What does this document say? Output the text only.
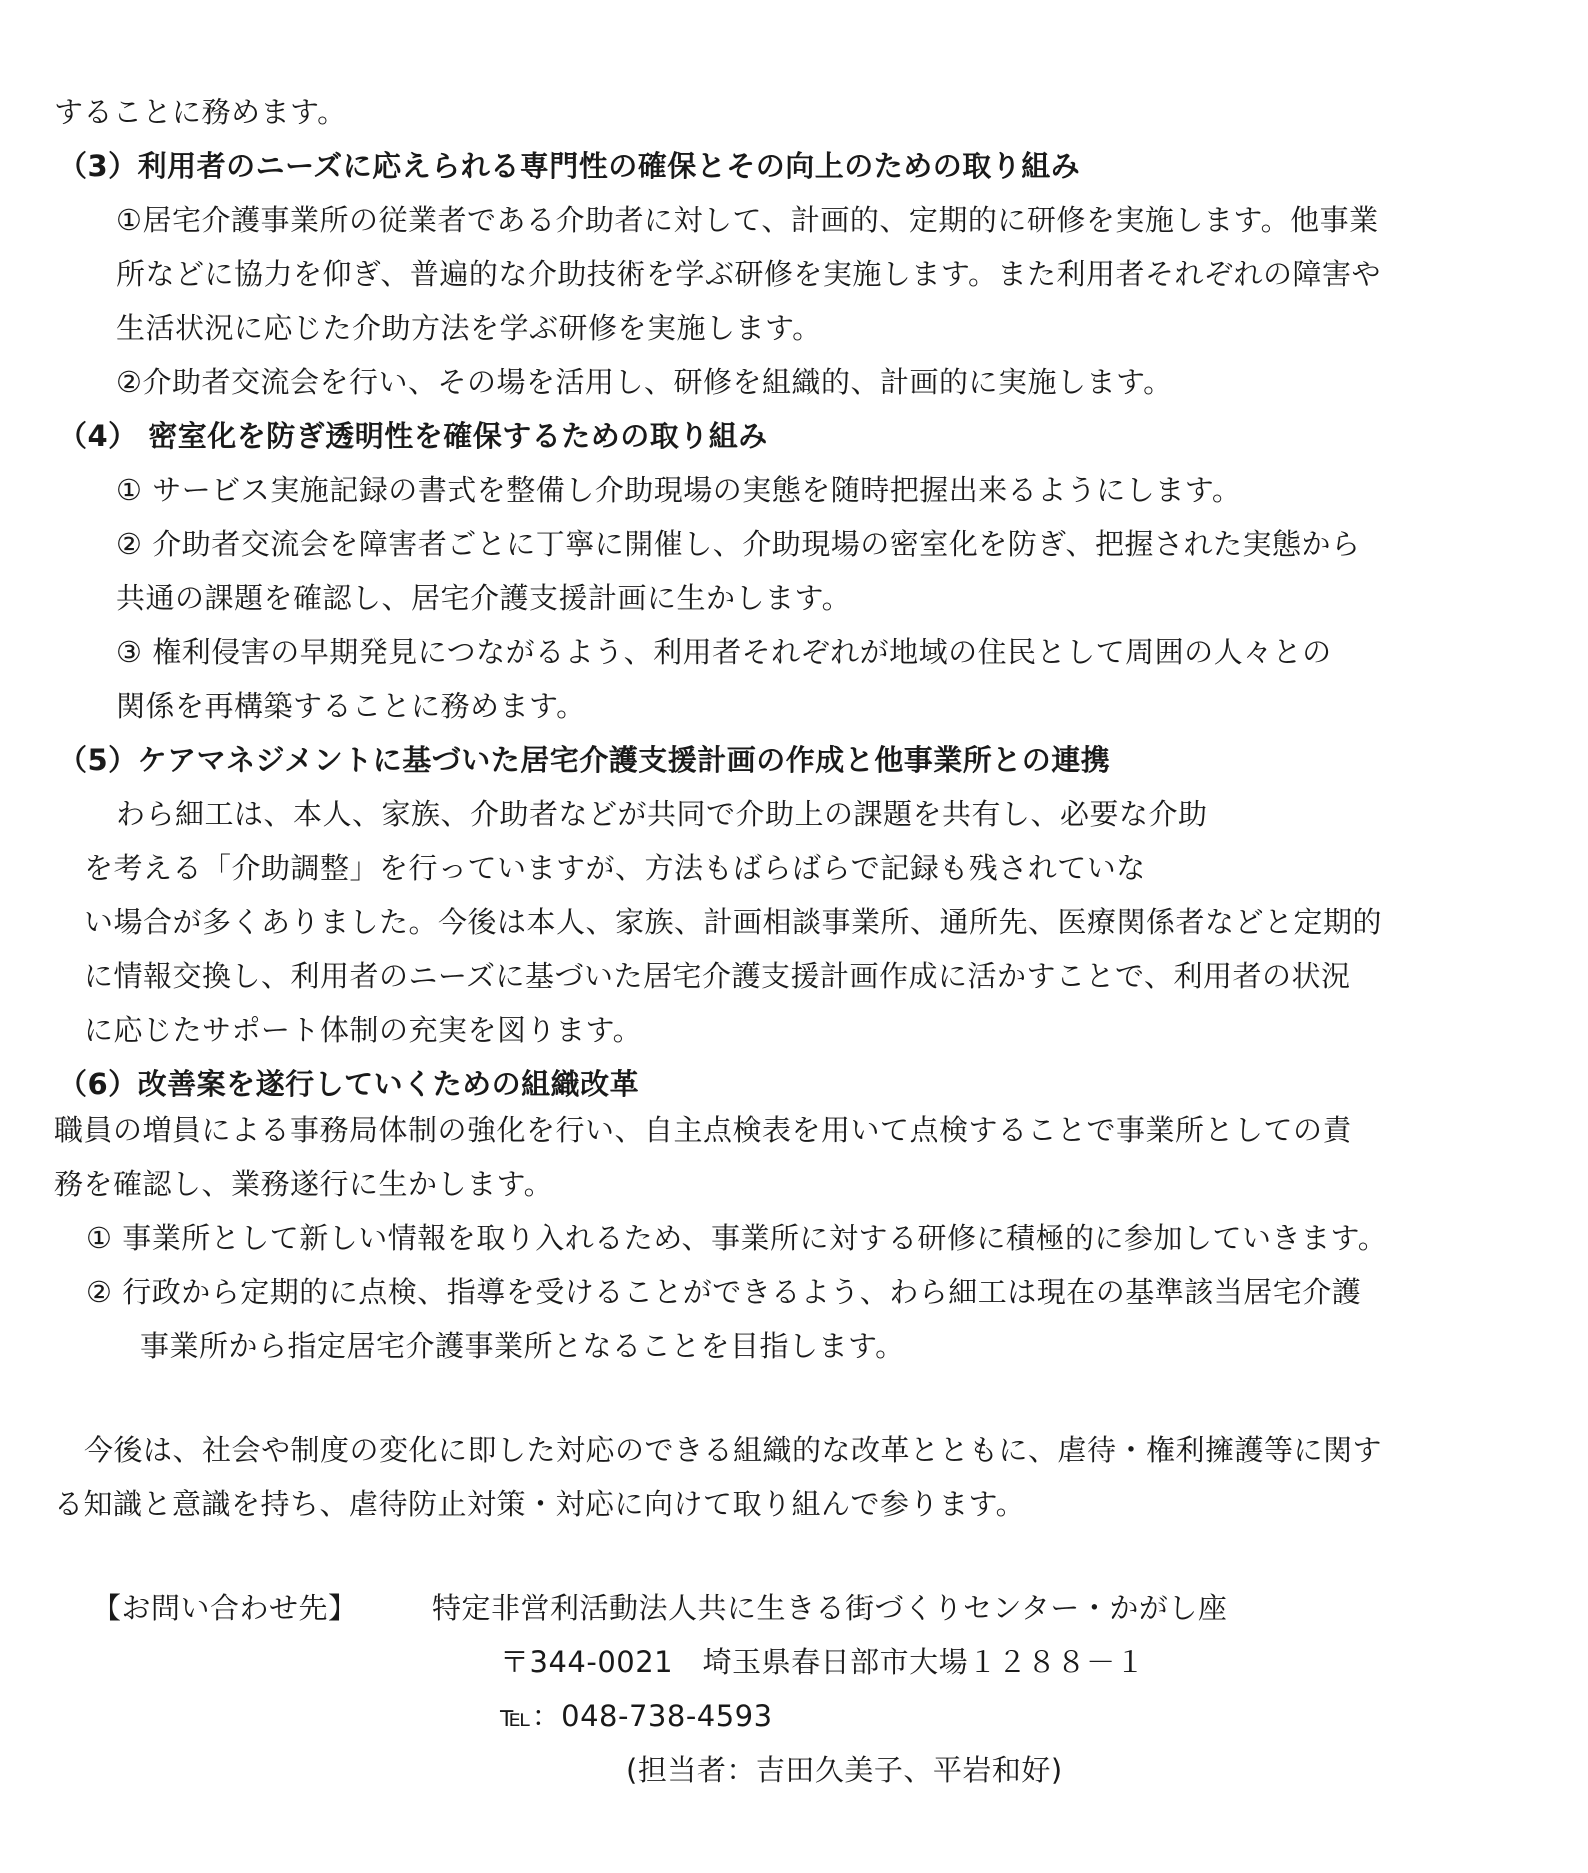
することに務めます。
（3）利用者のニーズに応えられる専門性の確保とその向上のための取り組み
①居宅介護事業所の従業者である介助者に対して、計画的、定期的に研修を実施します。他事業
所などに協力を仰ぎ、普遍的な介助技術を学ぶ研修を実施します。また利用者それぞれの障害や
生活状況に応じた介助方法を学ぶ研修を実施します。
②介助者交流会を行い、その場を活用し、研修を組織的、計画的に実施します。
（4） 密室化を防ぎ透明性を確保するための取り組み
① サービス実施記録の書式を整備し介助現場の実態を随時把握出来るようにします。
② 介助者交流会を障害者ごとに丁寧に開催し、介助現場の密室化を防ぎ、把握された実態から
共通の課題を確認し、居宅介護支援計画に生かします。
③ 権利侵害の早期発見につながるよう、利用者それぞれが地域の住民として周囲の人々との
関係を再構築することに務めます。
（5）ケアマネジメントに基づいた居宅介護支援計画の作成と他事業所との連携
わら細工は、本人、家族、介助者などが共同で介助上の課題を共有し、必要な介助
を考える「介助調整」を行っていますが、方法もばらばらで記録も残されていな
い場合が多くありました。今後は本人、家族、計画相談事業所、通所先、医療関係者などと定期的
に情報交換し、利用者のニーズに基づいた居宅介護支援計画作成に活かすことで、利用者の状況
に応じたサポート体制の充実を図ります。
（6）改善案を遂行していくための組織改革
職員の増員による事務局体制の強化を行い、自主点検表を用いて点検することで事業所としての責
務を確認し、業務遂行に生かします。
① 事業所として新しい情報を取り入れるため、事業所に対する研修に積極的に参加していきます。
② 行政から定期的に点検、指導を受けることができるよう、わら細工は現在の基準該当居宅介護
事業所から指定居宅介護事業所となることを目指します。
今後は、社会や制度の変化に即した対応のできる組織的な改革とともに、虐待・権利擁護等に関す
る知識と意識を持ち、虐待防止対策・対応に向けて取り組んで参ります。
【お問い合わせ先】	特定非営利活動法人共に生きる街づくりセンター・かがし座
〒344-0021　埼玉県春日部市大場１２８８－１
℡：048-738-4593
(担当者：吉田久美子、平岩和好)
